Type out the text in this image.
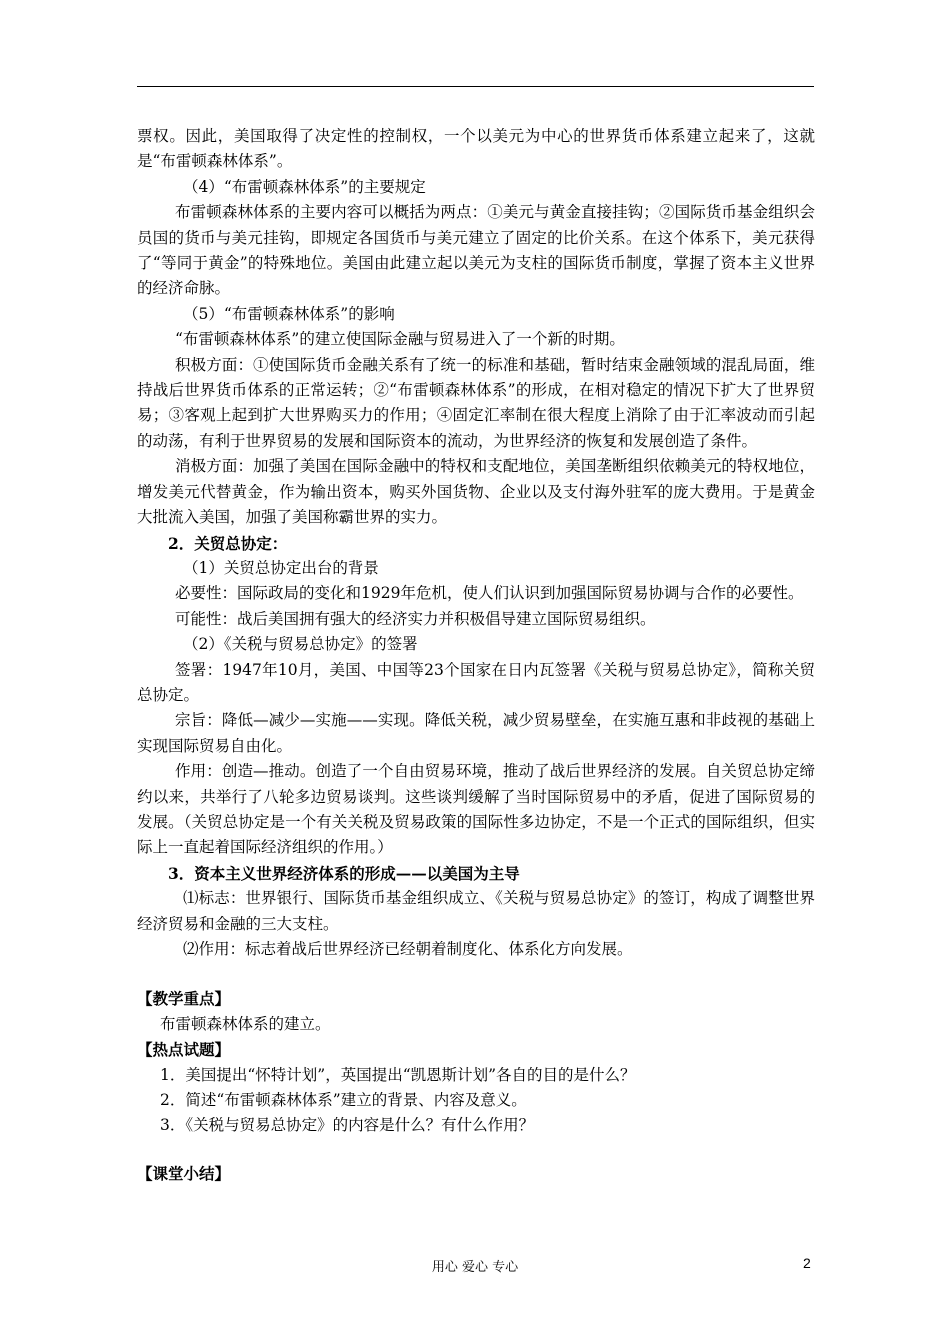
票权。因此，美国取得了决定性的控制权，一个以美元为中心的世界货币体系建立起来了，这就是“布雷顿森林体系”。

（4）“布雷顿森林体系”的主要规定

布雷顿森林体系的主要内容可以概括为两点：①美元与黄金直接挂钩；②国际货币基金组织会员国的货币与美元挂钩，即规定各国货币与美元建立了固定的比价关系。在这个体系下，美元获得了“等同于黄金”的特殊地位。美国由此建立起以美元为支柱的国际货币制度，掌握了资本主义世界的经济命脉。

（5）“布雷顿森林体系”的影响

“布雷顿森林体系”的建立使国际金融与贸易进入了一个新的时期。

积极方面：①使国际货币金融关系有了统一的标准和基础，暂时结束金融领域的混乱局面，维持战后世界货币体系的正常运转；②“布雷顿森林体系”的形成，在相对稳定的情况下扩大了世界贸易；③客观上起到扩大世界购买力的作用；④固定汇率制在很大程度上消除了由于汇率波动而引起的动荡，有利于世界贸易的发展和国际资本的流动，为世界经济的恢复和发展创造了条件。

消极方面：加强了美国在国际金融中的特权和支配地位，美国垄断组织依赖美元的特权地位，增发美元代替黄金，作为输出资本，购买外国货物、企业以及支付海外驻军的庞大费用。于是黄金大批流入美国，加强了美国称霸世界的实力。

2．关贸总协定：

（1）关贸总协定出台的背景

必要性：国际政局的变化和1929年危机，使人们认识到加强国际贸易协调与合作的必要性。

可能性：战后美国拥有强大的经济实力并积极倡导建立国际贸易组织。

（2）《关税与贸易总协定》的签署

签署：1947年10月，美国、中国等23个国家在日内瓦签署《关税与贸易总协定》，简称关贸总协定。

宗旨：降低—减少—实施——实现。降低关税，减少贸易壁垒，在实施互惠和非歧视的基础上实现国际贸易自由化。

作用：创造—推动。创造了一个自由贸易环境，推动了战后世界经济的发展。自关贸总协定缔约以来，共举行了八轮多边贸易谈判。这些谈判缓解了当时国际贸易中的矛盾，促进了国际贸易的发展。（关贸总协定是一个有关关税及贸易政策的国际性多边协定，不是一个正式的国际组织，但实际上一直起着国际经济组织的作用。）

3．资本主义世界经济体系的形成——以美国为主导

⑴标志：世界银行、国际货币基金组织成立、《关税与贸易总协定》的签订，构成了调整世界经济贸易和金融的三大支柱。

⑵作用：标志着战后世界经济已经朝着制度化、体系化方向发展。

【教学重点】

布雷顿森林体系的建立。

【热点试题】

1．美国提出“怀特计划”，英国提出“凯恩斯计划”各自的目的是什么？

2．简述“布雷顿森林体系”建立的背景、内容及意义。

3．《关税与贸易总协定》的内容是什么？有什么作用？

【课堂小结】

用心 爱心 专心	2
